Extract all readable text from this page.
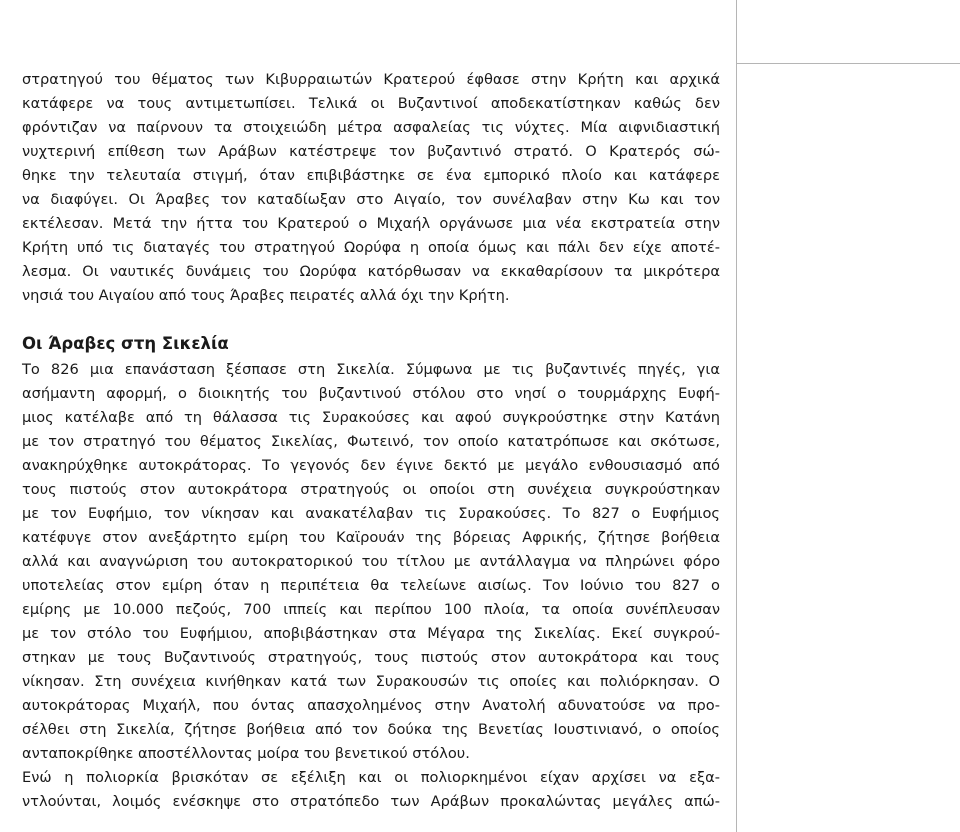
στρατηγού του θέματος των Κιβυρραιωτών Κρατερού έφθασε στην Κρήτη και αρχικά
κατάφερε να τους αντιμετωπίσει. Τελικά οι Βυζαντινοί αποδεκατίστηκαν καθώς δεν
φρόντιζαν να παίρνουν τα στοιχειώδη μέτρα ασφαλείας τις νύχτες. Μία αιφνιδιαστική
νυχτερινή επίθεση των Αράβων κατέστρεψε τον βυζαντινό στρατό. Ο Κρατερός σώ-
θηκε την τελευταία στιγμή, όταν επιβιβάστηκε σε ένα εμπορικό πλοίο και κατάφερε
να διαφύγει. Οι Άραβες τον καταδίωξαν στο Αιγαίο, τον συνέλαβαν στην Κω και τον
εκτέλεσαν. Μετά την ήττα του Κρατερού ο Μιχαήλ οργάνωσε μια νέα εκστρατεία στην
Κρήτη υπό τις διαταγές του στρατηγού Ωορύφα η οποία όμως και πάλι δεν είχε αποτέ-
λεσμα. Οι ναυτικές δυνάμεις του Ωορύφα κατόρθωσαν να εκκαθαρίσουν τα μικρότερα
νησιά του Αιγαίου από τους Άραβες πειρατές αλλά όχι την Κρήτη.
Οι Άραβες στη Σικελία
Το 826 μια επανάσταση ξέσπασε στη Σικελία. Σύμφωνα με τις βυζαντινές πηγές, για
ασήμαντη αφορμή, ο διοικητής του βυζαντινού στόλου στο νησί ο τουρμάρχης Ευφή-
μιος κατέλαβε από τη θάλασσα τις Συρακούσες και αφού συγκρούστηκε στην Κατάνη
με τον στρατηγό του θέματος Σικελίας, Φωτεινό, τον οποίο κατατρόπωσε και σκότωσε,
ανακηρύχθηκε αυτοκράτορας. Το γεγονός δεν έγινε δεκτό με μεγάλο ενθουσιασμό από
τους πιστούς στον αυτοκράτορα στρατηγούς οι οποίοι στη συνέχεια συγκρούστηκαν
με τον Ευφήμιο, τον νίκησαν και ανακατέλαβαν τις Συρακούσες. Το 827 ο Ευφήμιος
κατέφυγε στον ανεξάρτητο εμίρη του Καϊρουάν της βόρειας Αφρικής, ζήτησε βοήθεια
αλλά και αναγνώριση του αυτοκρατορικού του τίτλου με αντάλλαγμα να πληρώνει φόρο
υποτελείας στον εμίρη όταν η περιπέτεια θα τελείωνε αισίως. Τον Ιούνιο του 827 ο
εμίρης με 10.000 πεζούς, 700 ιππείς και περίπου 100 πλοία, τα οποία συνέπλευσαν
με τον στόλο του Ευφήμιου, αποβιβάστηκαν στα Μέγαρα της Σικελίας. Εκεί συγκρού-
στηκαν με τους Βυζαντινούς στρατηγούς, τους πιστούς στον αυτοκράτορα και τους
νίκησαν. Στη συνέχεια κινήθηκαν κατά των Συρακουσών τις οποίες και πολιόρκησαν. Ο
αυτοκράτορας Μιχαήλ, που όντας απασχολημένος στην Ανατολή αδυνατούσε να προ-
σέλθει στη Σικελία, ζήτησε βοήθεια από τον δούκα της Βενετίας Ιουστινιανό, ο οποίος
ανταποκρίθηκε αποστέλλοντας μοίρα του βενετικού στόλου.
Ενώ η πολιορκία βρισκόταν σε εξέλιξη και οι πολιορκημένοι είχαν αρχίσει να εξα-
ντλούνται, λοιμός ενέσκηψε στο στρατόπεδο των Αράβων προκαλώντας μεγάλες απώ-
